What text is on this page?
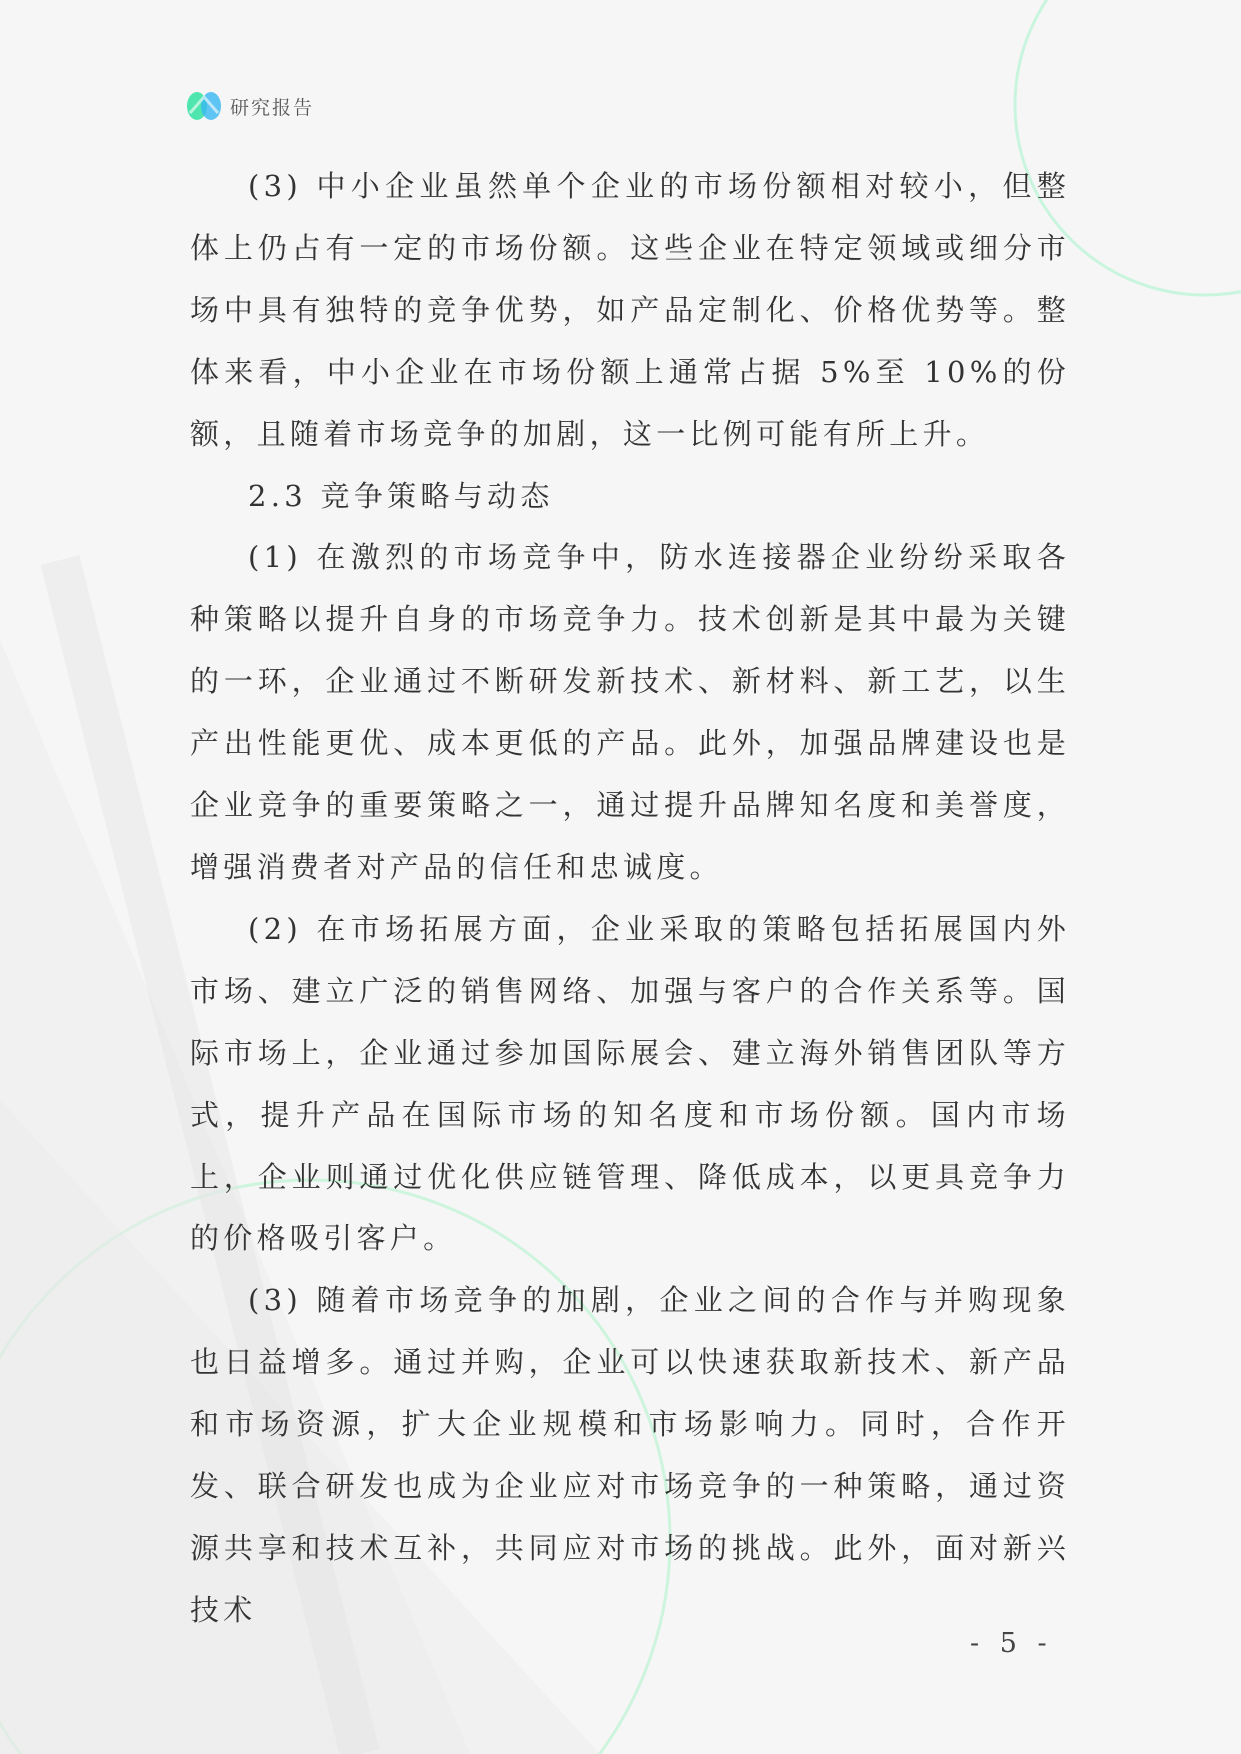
研究报告

(3) 中小企业虽然单个企业的市场份额相对较小，但整体上仍占有一定的市场份额。这些企业在特定领域或细分市场中具有独特的竞争优势，如产品定制化、价格优势等。整体来看，中小企业在市场份额上通常占据 5%至 10%的份额，且随着市场竞争的加剧，这一比例可能有所上升。

2.3 竞争策略与动态

(1) 在激烈的市场竞争中，防水连接器企业纷纷采取各种策略以提升自身的市场竞争力。技术创新是其中最为关键的一环，企业通过不断研发新技术、新材料、新工艺，以生产出性能更优、成本更低的产品。此外，加强品牌建设也是企业竞争的重要策略之一，通过提升品牌知名度和美誉度，增强消费者对产品的信任和忠诚度。

(2) 在市场拓展方面，企业采取的策略包括拓展国内外市场、建立广泛的销售网络、加强与客户的合作关系等。国际市场上，企业通过参加国际展会、建立海外销售团队等方式，提升产品在国际市场的知名度和市场份额。国内市场上，企业则通过优化供应链管理、降低成本，以更具竞争力的价格吸引客户。

(3) 随着市场竞争的加剧，企业之间的合作与并购现象也日益增多。通过并购，企业可以快速获取新技术、新产品和市场资源，扩大企业规模和市场影响力。同时，合作开发、联合研发也成为企业应对市场竞争的一种策略，通过资源共享和技术互补，共同应对市场的挑战。此外，面对新兴技术

- 5 -
